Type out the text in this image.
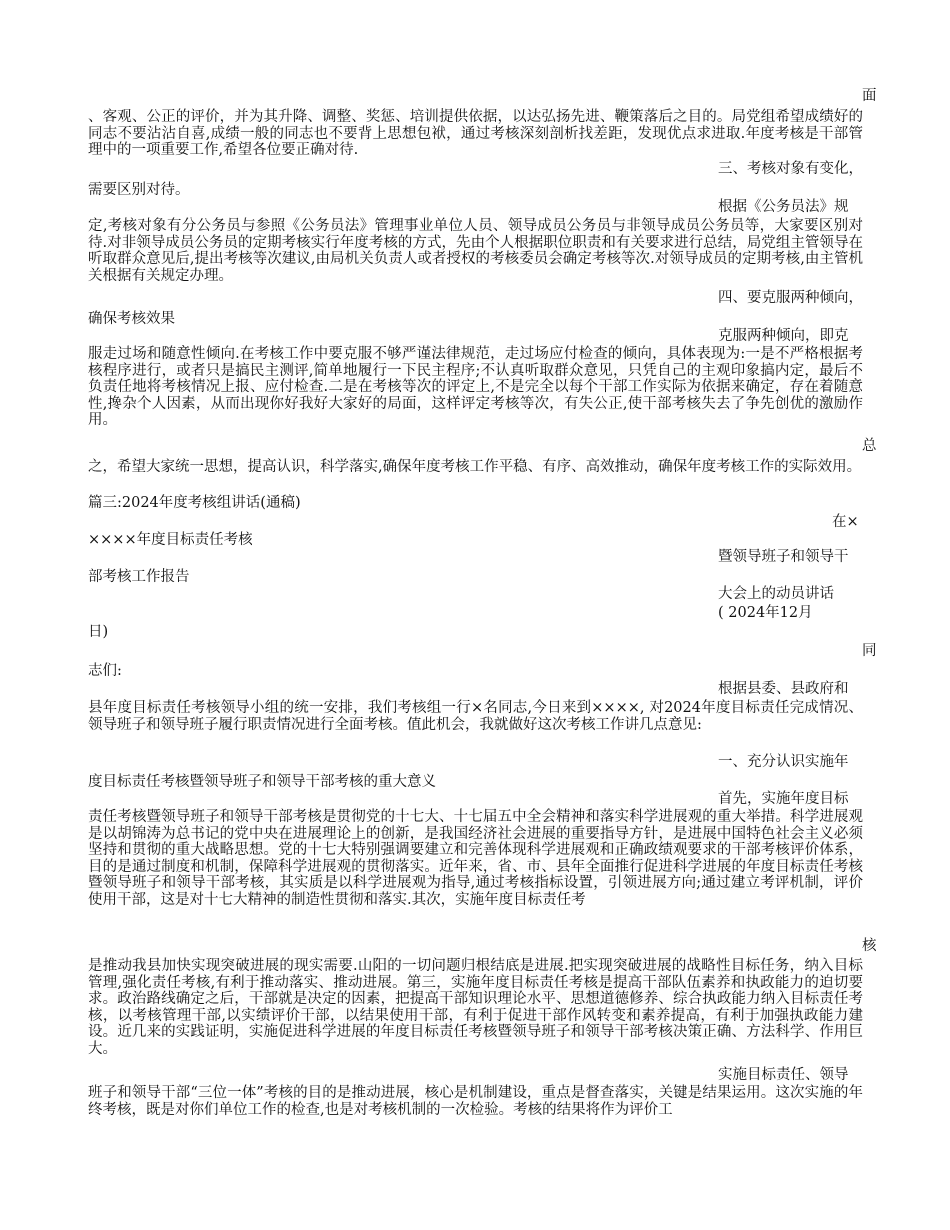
面
、客观、公正的评价，并为其升降、调整、奖惩、培训提供依据，以达弘扬先进、鞭策落后之目的。局党组希望成绩好的同志不要沾沾自喜,成绩一般的同志也不要背上思想包袱，通过考核深刻剖析找差距，发现优点求进取.年度考核是干部管理中的一项重要工作,希望各位要正确对待.
三、考核对象有变化，
需要区别对待。
根据《公务员法》规
定,考核对象有分公务员与参照《公务员法》管理事业单位人员、领导成员公务员与非领导成员公务员等，大家要区别对待.对非领导成员公务员的定期考核实行年度考核的方式，先由个人根据职位职责和有关要求进行总结，局党组主管领导在听取群众意见后,提出考核等次建议,由局机关负责人或者授权的考核委员会确定考核等次.对领导成员的定期考核,由主管机关根据有关规定办理。
四、要克服两种倾向，
确保考核效果
克服两种倾向，即克
服走过场和随意性倾向.在考核工作中要克服不够严谨法律规范，走过场应付检查的倾向，具体表现为:一是不严格根据考核程序进行，或者只是搞民主测评,简单地履行一下民主程序;不认真听取群众意见，只凭自己的主观印象搞内定，最后不负责任地将考核情况上报、应付检查.二是在考核等次的评定上,不是完全以每个干部工作实际为依据来确定，存在着随意性,搀杂个人因素，从而出现你好我好大家好的局面，这样评定考核等次，有失公正,使干部考核失去了争先创优的激励作用。
总
之，希望大家统一思想，提高认识，科学落实,确保年度考核工作平稳、有序、高效推动，确保年度考核工作的实际效用。
篇三:2024年度考核组讲话(通稿)
在×
××××年度目标责任考核
暨领导班子和领导干
部考核工作报告
大会上的动员讲话
( 2024年12月
日)
同
志们:
根据县委、县政府和
县年度目标责任考核领导小组的统一安排，我们考核组一行×名同志,今日来到××××, 对2024年度目标责任完成情况、领导班子和领导班子履行职责情况进行全面考核。值此机会，我就做好这次考核工作讲几点意见:
一、充分认识实施年
度目标责任考核暨领导班子和领导干部考核的重大意义
首先，实施年度目标
责任考核暨领导班子和领导干部考核是贯彻党的十七大、十七届五中全会精神和落实科学进展观的重大举措。科学进展观是以胡锦涛为总书记的党中央在进展理论上的创新，是我国经济社会进展的重要指导方针，是进展中国特色社会主义必须坚持和贯彻的重大战略思想。党的十七大特别强调要建立和完善体现科学进展观和正确政绩观要求的干部考核评价体系，目的是通过制度和机制，保障科学进展观的贯彻落实。近年来，省、市、县年全面推行促进科学进展的年度目标责任考核暨领导班子和领导干部考核，其实质是以科学进展观为指导,通过考核指标设置，引领进展方向;通过建立考评机制，评价使用干部，这是对十七大精神的制造性贯彻和落实.其次，实施年度目标责任考
核
是推动我县加快实现突破进展的现实需要.山阳的一切问题归根结底是进展.把实现突破进展的战略性目标任务，纳入目标管理,强化责任考核,有利于推动落实、推动进展。第三，实施年度目标责任考核是提高干部队伍素养和执政能力的迫切要求。政治路线确定之后，干部就是决定的因素，把提高干部知识理论水平、思想道德修养、综合执政能力纳入目标责任考核，以考核管理干部,以实绩评价干部，以结果使用干部，有利于促进干部作风转变和素养提高，有利于加强执政能力建设。近几来的实践证明，实施促进科学进展的年度目标责任考核暨领导班子和领导干部考核决策正确、方法科学、作用巨大。
实施目标责任、领导
班子和领导干部“三位一体”考核的目的是推动进展，核心是机制建设，重点是督查落实，关键是结果运用。这次实施的年终考核，既是对你们单位工作的检查,也是对考核机制的一次检验。考核的结果将作为评价工
